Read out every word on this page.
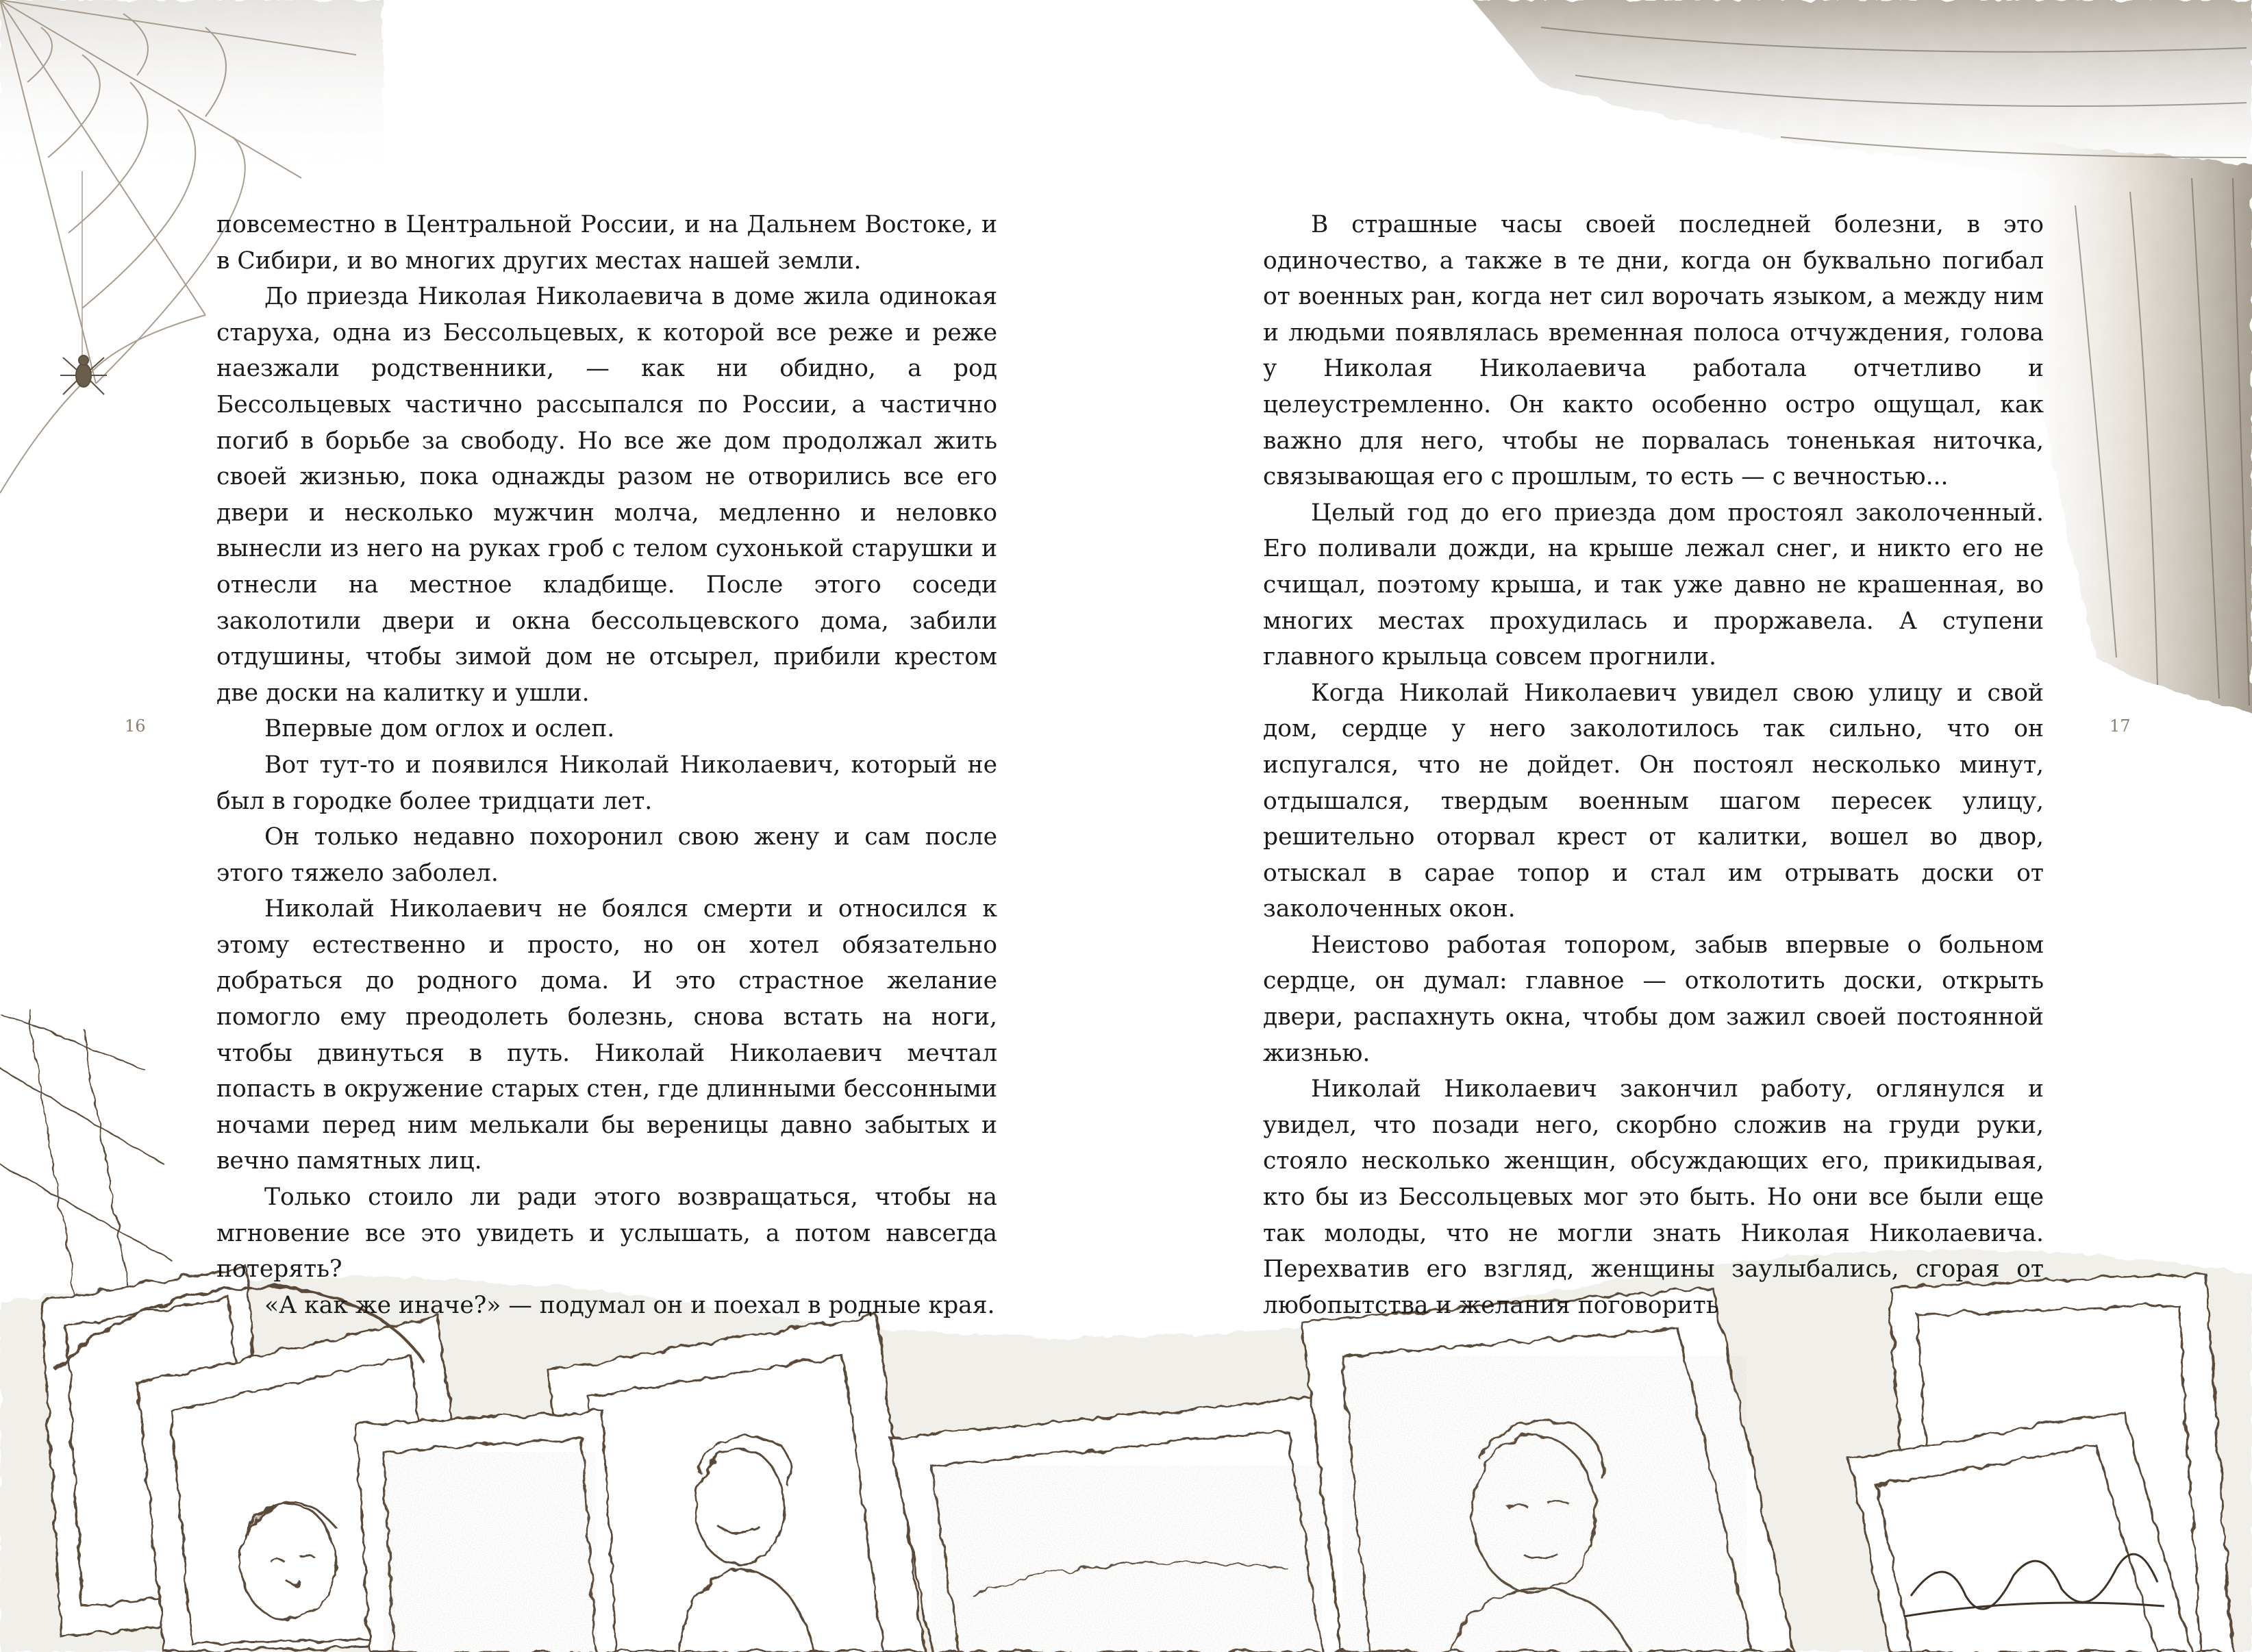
16	17

повсеместно в Центральной России, и на Дальнем Востоке, и в Сибири, и во многих других местах нашей земли.

До приезда Николая Николаевича в доме жила одинокая старуха, одна из Бессольцевых, к которой все реже и реже наезжали родственники, — как ни обидно, а род Бессольцевых частично рассыпался по России, а частично погиб в борьбе за свободу. Но все же дом продолжал жить своей жизнью, пока однажды разом не отворились все его двери и несколько мужчин молча, медленно и неловко вынесли из него на руках гроб с телом сухонькой старушки и отнесли на местное кладбище. После этого соседи заколотили двери и окна бессольцевского дома, забили отдушины, чтобы зимой дом не отсырел, прибили крестом две доски на калитку и ушли.

Впервые дом оглох и ослеп.

Вот тут-то и появился Николай Николаевич, который не был в городке более тридцати лет.

Он только недавно похоронил свою жену и сам после этого тяжело заболел.

Николай Николаевич не боялся смерти и относился к этому естественно и просто, но он хотел обязательно добраться до родного дома. И это страстное желание помогло ему преодолеть болезнь, снова встать на ноги, чтобы двинуться в путь. Николай Николаевич мечтал попасть в окружение старых стен, где длинными бессонными ночами перед ним мелькали бы вереницы давно забытых и вечно памятных лиц.

Только стоило ли ради этого возвращаться, чтобы на мгновение все это увидеть и услышать, а потом навсегда потерять?

«А как же иначе?» — подумал он и поехал в родные края.

В страшные часы своей последней болезни, в это одиночество, а также в те дни, когда он буквально погибал от военных ран, когда нет сил ворочать языком, а между ним и людьми появлялась временная полоса отчуждения, голова у Николая Николаевича работала отчетливо и целеустремленно. Он както особенно остро ощущал, как важно для него, чтобы не порвалась тоненькая ниточка, связывающая его с прошлым, то есть — с вечностью...

Целый год до его приезда дом простоял заколоченный. Его поливали дожди, на крыше лежал снег, и никто его не счищал, поэтому крыша, и так уже давно не крашенная, во многих местах прохудилась и проржавела. А ступени главного крыльца совсем прогнили.

Когда Николай Николаевич увидел свою улицу и свой дом, сердце у него заколотилось так сильно, что он испугался, что не дойдет. Он постоял несколько минут, отдышался, твердым военным шагом пересек улицу, решительно оторвал крест от калитки, вошел во двор, отыскал в сарае топор и стал им отрывать доски от заколоченных окон.

Неистово работая топором, забыв впервые о больном сердце, он думал: главное — отколотить доски, открыть двери, распахнуть окна, чтобы дом зажил своей постоянной жизнью.

Николай Николаевич закончил работу, оглянулся и увидел, что позади него, скорбно сложив на груди руки, стояло несколько женщин, обсуждающих его, прикидывая, кто бы из Бессольцевых мог это быть. Но они все были еще так молоды, что не могли знать Николая Николаевича. Перехватив его взгляд, женщины заулыбались, сгорая от любопытства и желания поговорить
